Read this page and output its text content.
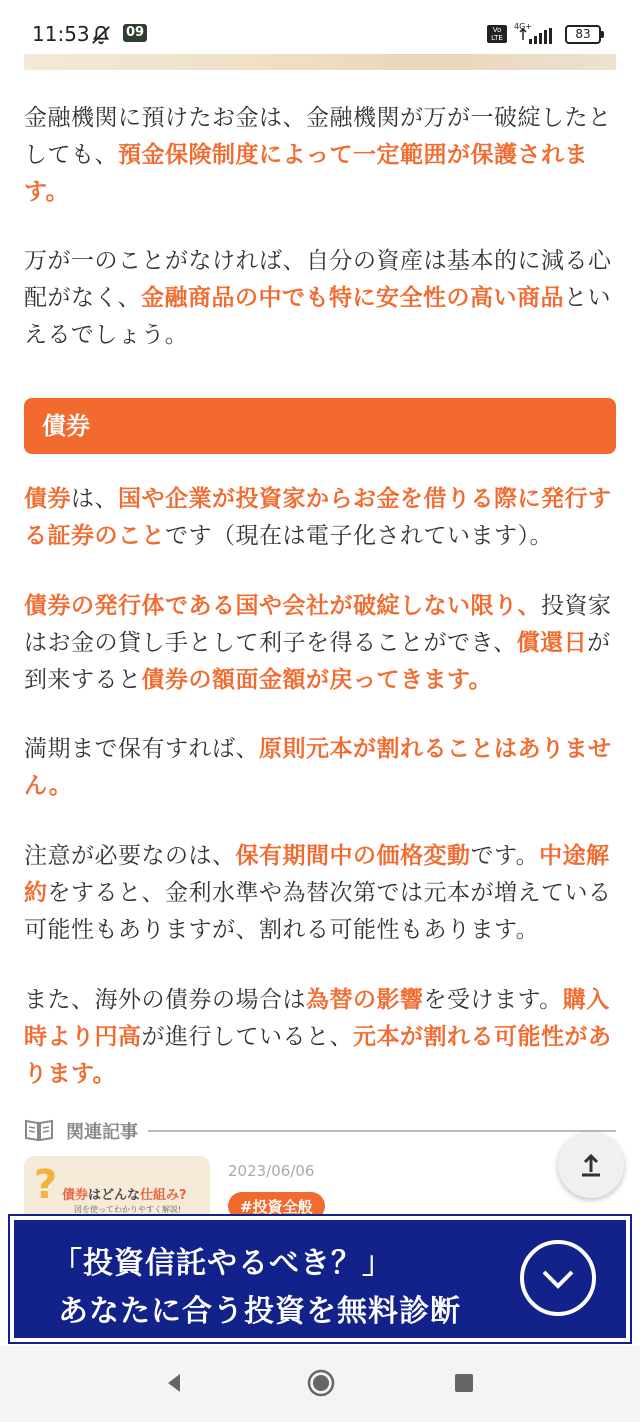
11:53	09	Vo LTE
4G+
83

金融機関に預けたお金は、金融機関が万が一破綻したとしても、預金保険制度によって一定範囲が保護されます。

万が一のことがなければ、自分の資産は基本的に減る心配がなく、金融商品の中でも特に安全性の高い商品といえるでしょう。

債券

債券は、国や企業が投資家からお金を借りる際に発行する証券のことです（現在は電子化されています）。

債券の発行体である国や会社が破綻しない限り、投資家はお金の貸し手として利子を得ることができ、償還日が到来すると債券の額面金額が戻ってきます。

満期まで保有すれば、原則元本が割れることはありません。

注意が必要なのは、保有期間中の価格変動です。中途解約をすると、金利水準や為替次第では元本が増えている可能性もありますが、割れる可能性もあります。

また、海外の債券の場合は為替の影響を受けます。購入時より円高が進行していると、元本が割れる可能性があります。

関連記事
? 債券はどんな仕組み?
図を使ってわかりやすく解説!
2023/06/06
#投資全般
「投資信託やるべき？」
あなたに合う投資を無料診断
